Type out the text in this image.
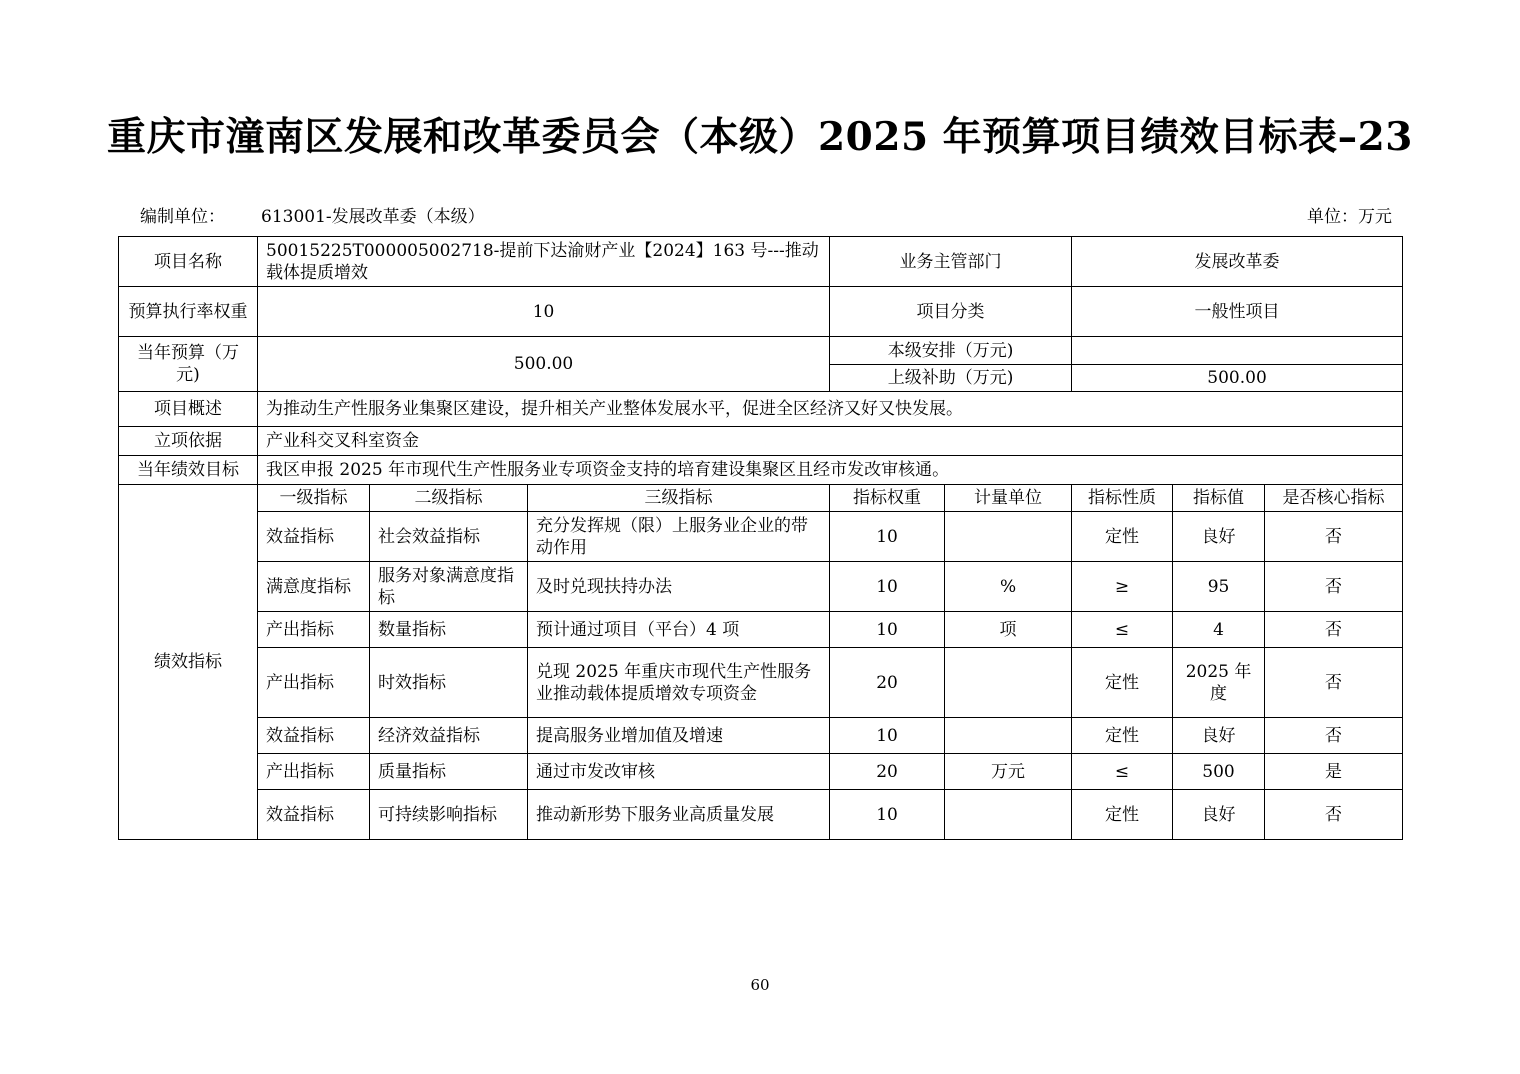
重庆市潼南区发展和改革委员会（本级）2025 年预算项目绩效目标表–23
编制单位： 613001-发展改革委（本级）	单位：万元
项目名称	50015225T000005002718-提前下达渝财产业【2024】163 号---推动载体提质增效			业务主管部门		发展改革委		
预算执行率权重	10			项目分类		一般性项目		
当年预算（万元)	500.00			本级安排（万元)				
				上级补助（万元)		500.00		
项目概述	为推动生产性服务业集聚区建设，提升相关产业整体发展水平，促进全区经济又好又快发展。							
立项依据	产业科交叉科室资金							
当年绩效目标	我区申报 2025 年市现代生产性服务业专项资金支持的培育建设集聚区且经市发改审核通。							
绩效指标	一级指标	二级指标	三级指标	指标权重	计量单位	指标性质	指标值	是否核心指标
	效益指标	社会效益指标	充分发挥规（限）上服务业企业的带动作用	10		定性	良好	否
	满意度指标	服务对象满意度指标	及时兑现扶持办法	10	%	≥	95	否
	产出指标	数量指标	预计通过项目（平台）4 项	10	项	≤	4	否
	产出指标	时效指标	兑现 2025 年重庆市现代生产性服务业推动载体提质增效专项资金	20		定性	2025 年度	否
	效益指标	经济效益指标	提高服务业增加值及增速	10		定性	良好	否
	产出指标	质量指标	通过市发改审核	20	万元	≤	500	是
	效益指标	可持续影响指标	推动新形势下服务业高质量发展	10		定性	良好	否
60
